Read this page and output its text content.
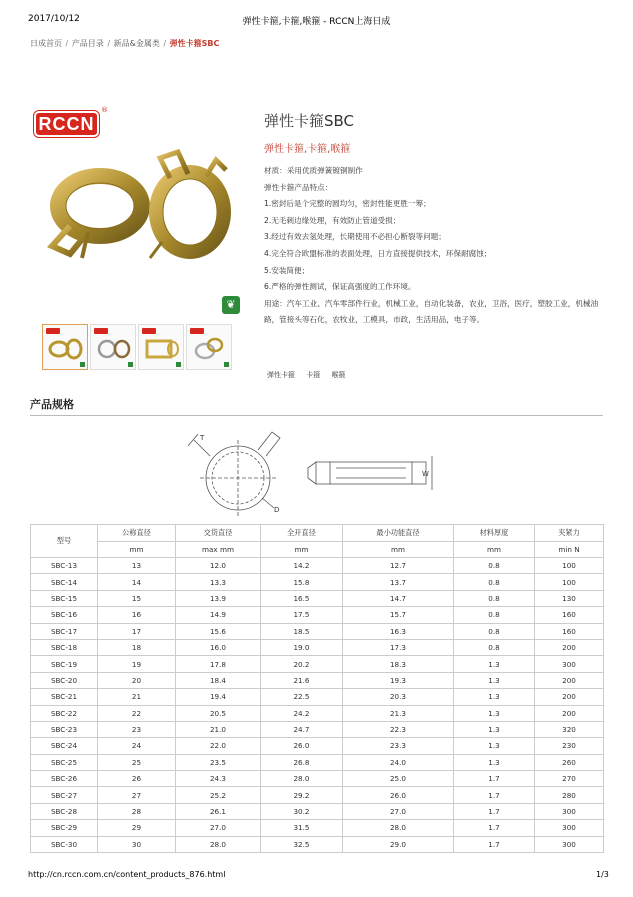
2017/10/12	弹性卡箍,卡箍,喉箍 - RCCN上海日成
日成首页 / 产品目录 / 新品&金属类 / 弹性卡箍SBC
RCCN
®
❦
弹性卡箍SBC
弹性卡箍,卡箍,喉箍
材质：采用优质弹簧镀铜制作
弹性卡箍产品特点：
1.密封后是个完整的圆均匀，密封性能更胜一筹；
2.无毛刺边缘处理，有效防止管道受损；
3.经过有效去氢处理，长期使用不必担心断裂等问题；
4.完全符合欧盟标准的表面处理，日方直接提供技术，环保耐腐蚀；
5.安装简便；
6.严格的弹性测试，保证高强度的工作环境。
用途：汽车工业、汽车零部件行业，机械工业，自动化装备，农业，卫浴，医疗，塑胶工业，机械油路，管接头等石化，农牧业，工模具，市政，生活用品，电子等。
弹性卡箍 卡箍 喉箍
产品规格
T
D
W
型号	公称直径	交货直径	全开直径	最小功能直径	材料厚度	夹紧力
	mm	max mm	mm	mm	mm	min N
SBC-13	13	12.0	14.2	12.7	0.8	100
SBC-14	14	13.3	15.8	13.7	0.8	100
SBC-15	15	13.9	16.5	14.7	0.8	130
SBC-16	16	14.9	17.5	15.7	0.8	160
SBC-17	17	15.6	18.5	16.3	0.8	160
SBC-18	18	16.0	19.0	17.3	0.8	200
SBC-19	19	17.8	20.2	18.3	1.3	300
SBC-20	20	18.4	21.6	19.3	1.3	200
SBC-21	21	19.4	22.5	20.3	1.3	200
SBC-22	22	20.5	24.2	21.3	1.3	200
SBC-23	23	21.0	24.7	22.3	1.3	320
SBC-24	24	22.0	26.0	23.3	1.3	230
SBC-25	25	23.5	26.8	24.0	1.3	260
SBC-26	26	24.3	28.0	25.0	1.7	270
SBC-27	27	25.2	29.2	26.0	1.7	280
SBC-28	28	26.1	30.2	27.0	1.7	300
SBC-29	29	27.0	31.5	28.0	1.7	300
SBC-30	30	28.0	32.5	29.0	1.7	300
http://cn.rccn.com.cn/content_products_876.html	1/3
